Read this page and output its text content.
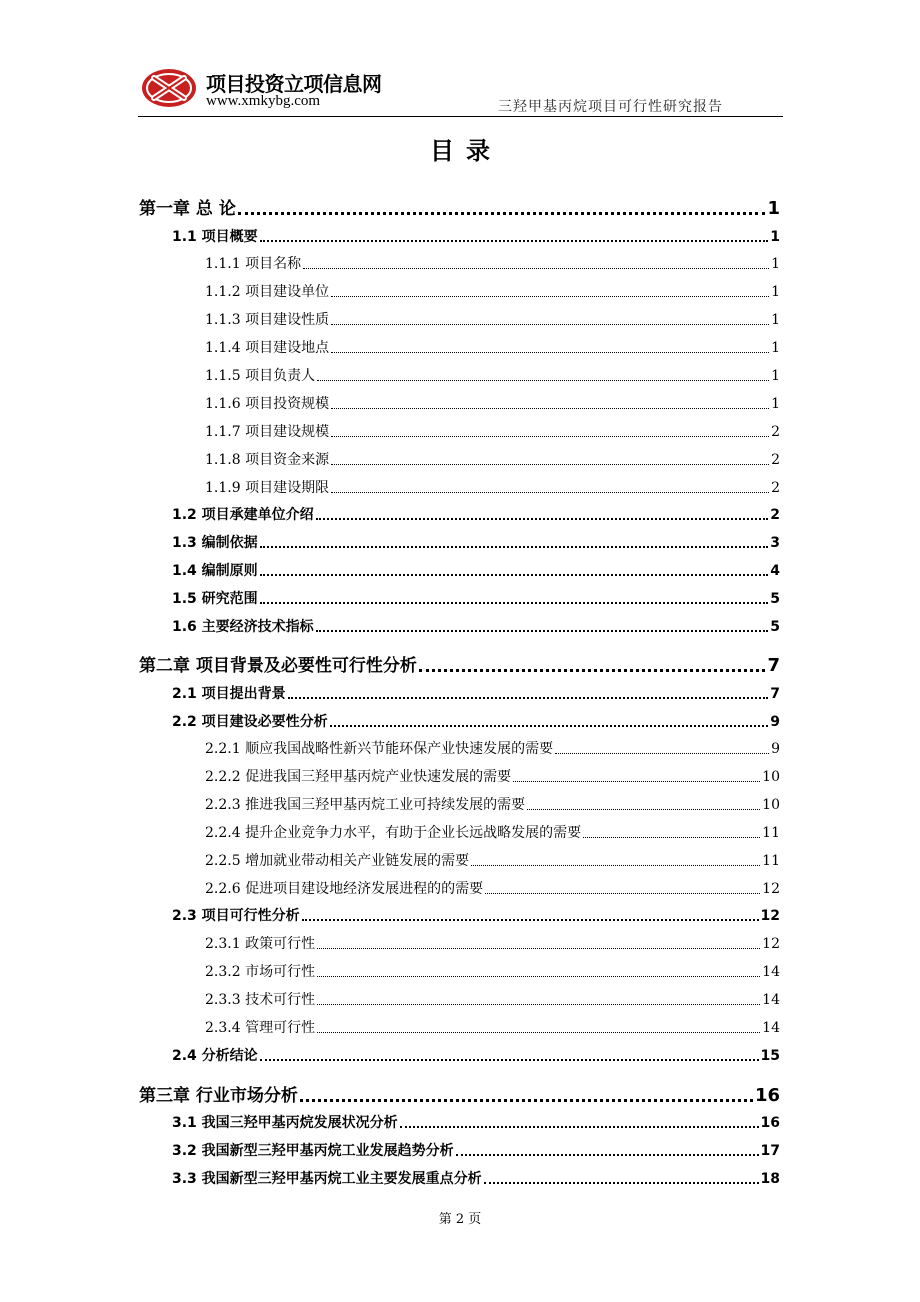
项目投资立项信息网
www.xmkybg.com	三羟甲基丙烷项目可行性研究报告
目录
第一章 总 论	1
1.1 项目概要	1
1.1.1 项目名称	1
1.1.2 项目建设单位	1
1.1.3 项目建设性质	1
1.1.4 项目建设地点	1
1.1.5 项目负责人	1
1.1.6 项目投资规模	1
1.1.7 项目建设规模	2
1.1.8 项目资金来源	2
1.1.9 项目建设期限	2
1.2 项目承建单位介绍	2
1.3 编制依据	3
1.4 编制原则	4
1.5 研究范围	5
1.6 主要经济技术指标	5
第二章 项目背景及必要性可行性分析	7
2.1 项目提出背景	7
2.2 项目建设必要性分析	9
2.2.1 顺应我国战略性新兴节能环保产业快速发展的需要	9
2.2.2 促进我国三羟甲基丙烷产业快速发展的需要	10
2.2.3 推进我国三羟甲基丙烷工业可持续发展的需要	10
2.2.4 提升企业竞争力水平，有助于企业长远战略发展的需要	11
2.2.5 增加就业带动相关产业链发展的需要	11
2.2.6 促进项目建设地经济发展进程的的需要	12
2.3 项目可行性分析	12
2.3.1 政策可行性	12
2.3.2 市场可行性	14
2.3.3 技术可行性	14
2.3.4 管理可行性	14
2.4 分析结论	15
第三章 行业市场分析	16
3.1 我国三羟甲基丙烷发展状况分析	16
3.2 我国新型三羟甲基丙烷工业发展趋势分析	17
3.3 我国新型三羟甲基丙烷工业主要发展重点分析	18
第 2 页
